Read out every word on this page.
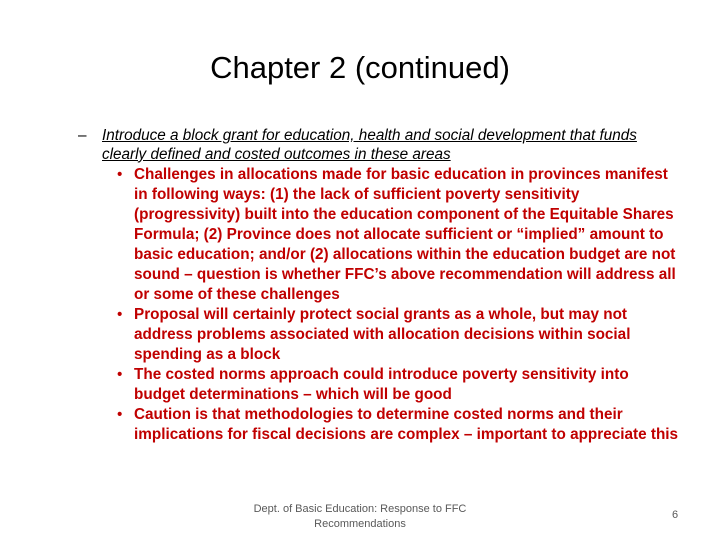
Chapter 2 (continued)
– Introduce a block grant for education, health and social development that funds clearly defined and costed outcomes in these areas
• Challenges in allocations made for basic education in provinces manifest in following ways: (1) the lack of sufficient poverty sensitivity (progressivity) built into the education component of the Equitable Shares Formula; (2) Province does not allocate sufficient or “implied” amount to basic education; and/or (2) allocations within the education budget are not sound – question is whether FFC’s above recommendation will address all or some of these challenges
• Proposal will certainly protect social grants as a whole, but may not address problems associated with allocation decisions within social spending as a block
• The costed norms approach could introduce poverty sensitivity into budget determinations – which will be good
• Caution is that methodologies to determine costed norms and their implications for fiscal decisions are complex – important to appreciate this
Dept. of Basic Education: Response to FFC
Recommendations
6
